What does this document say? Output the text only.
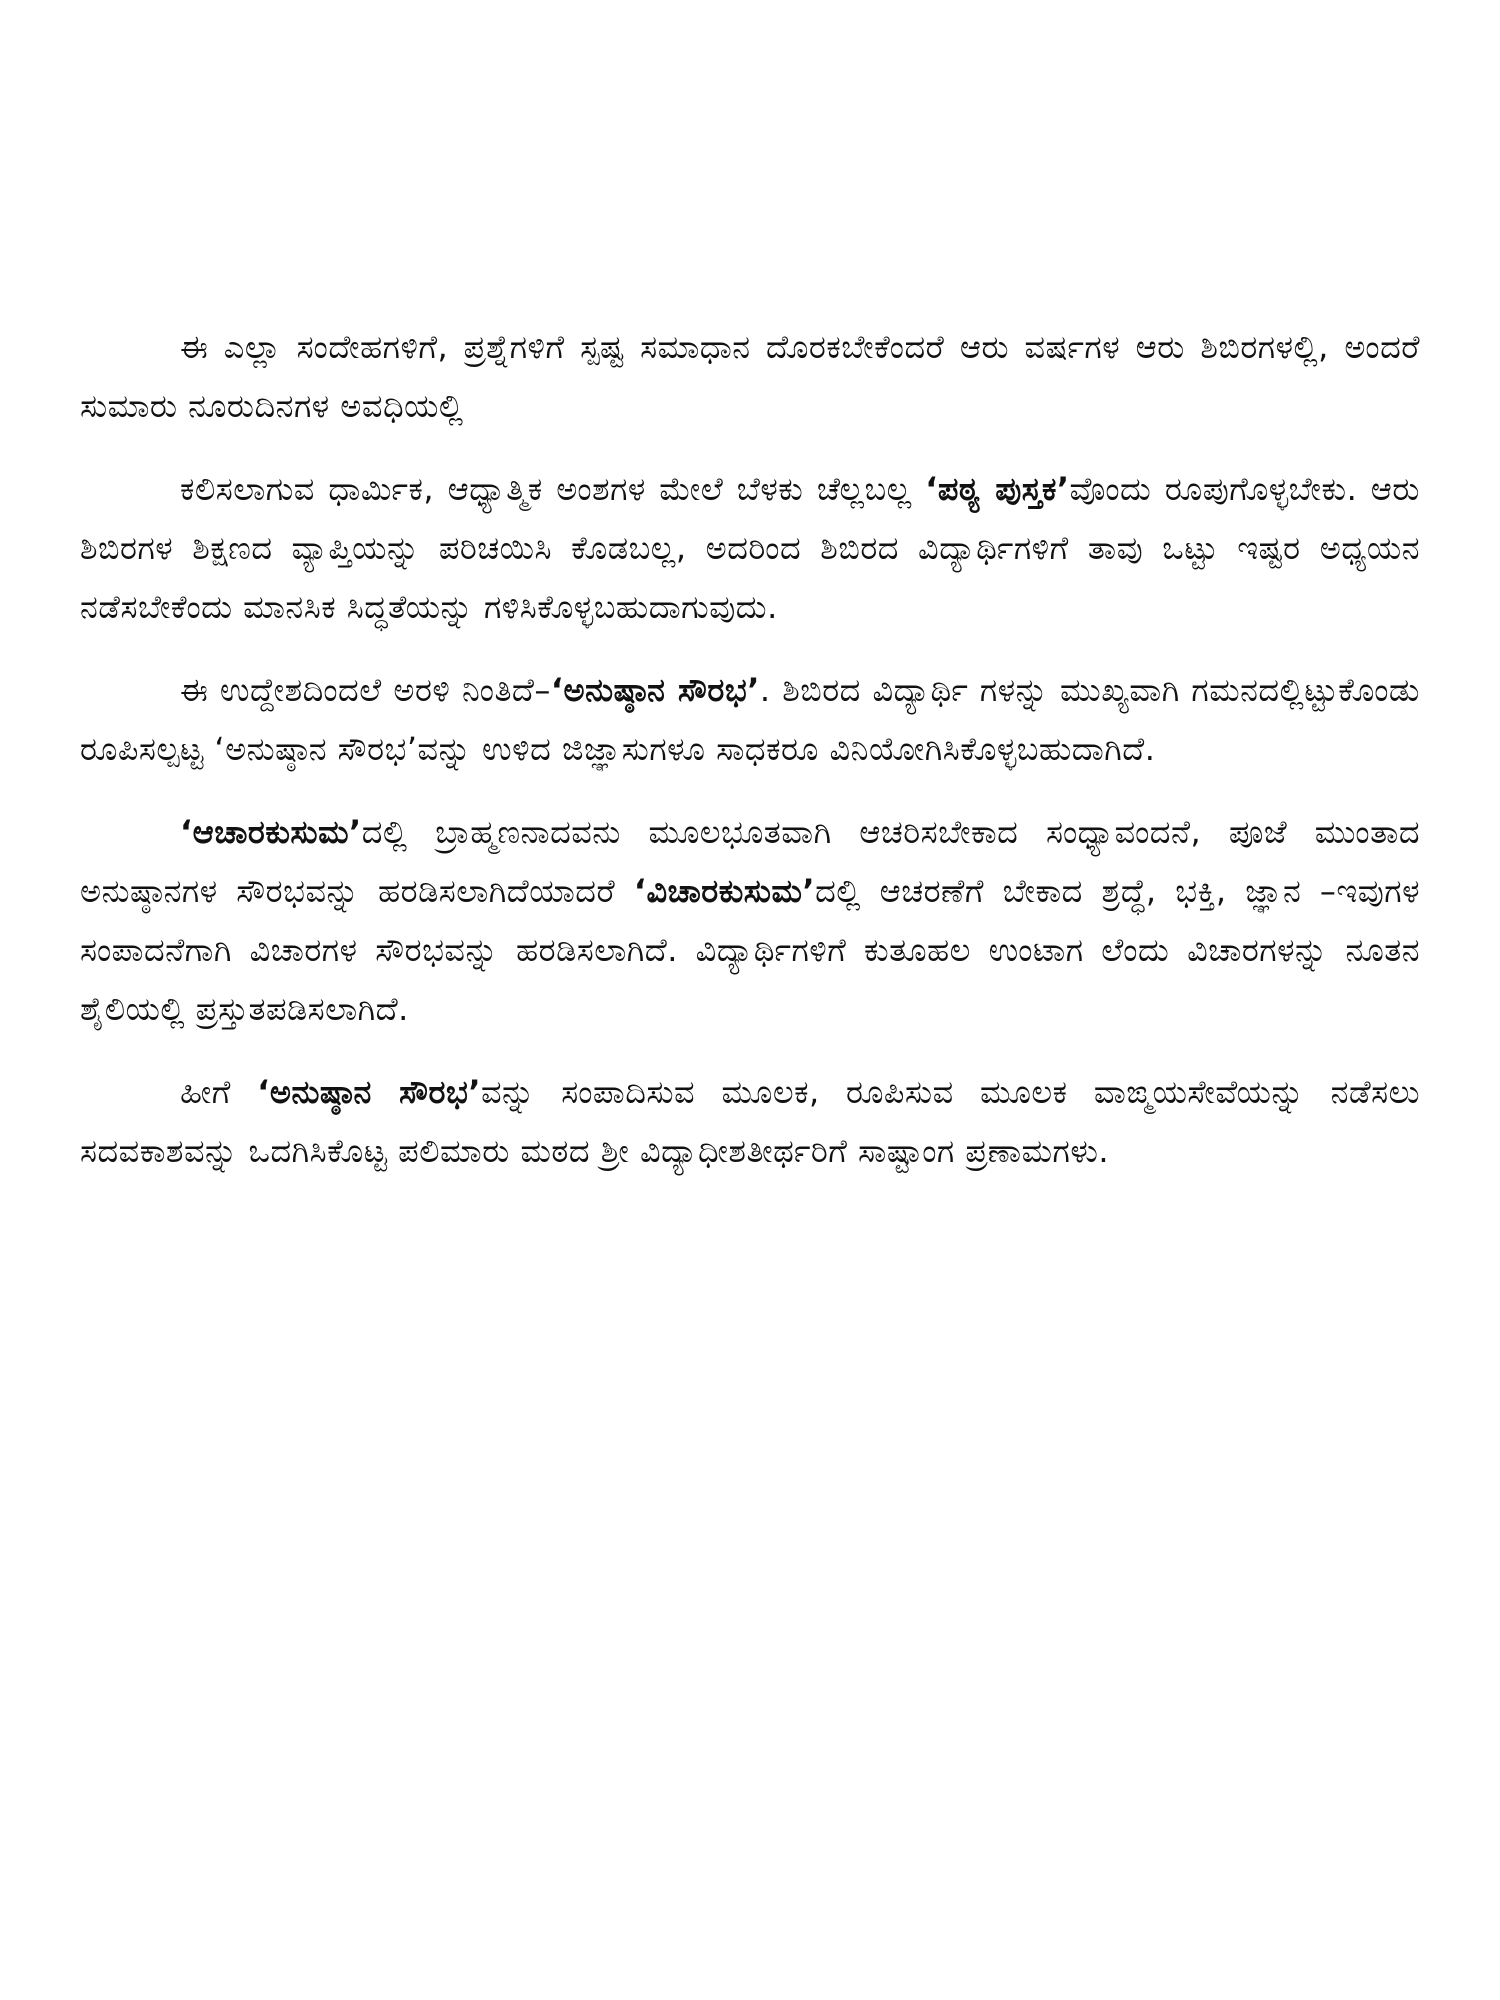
ಈ ಎಲ್ಲಾ ಸಂದೇಹಗಳಿಗೆ, ಪ್ರಶ್ನೆಗಳಿಗೆ ಸ್ಪಷ್ಟ ಸಮಾಧಾನ ದೊರಕಬೇಕೆಂದರೆ ಆರು ವರ್ಷಗಳ ಆರು ಶಿಬಿರಗಳಲ್ಲಿ, ಅಂದರೆ ಸುಮಾರು ನೂರುದಿನಗಳ ಅವಧಿಯಲ್ಲಿ

ಕಲಿಸಲಾಗುವ ಧಾರ್ಮಿಕ, ಆಧ್ಯಾತ್ಮಿಕ ಅಂಶಗಳ ಮೇಲೆ ಬೆಳಕು ಚೆಲ್ಲಬಲ್ಲ ‘ಪಠ್ಯ ಪುಸ್ತಕ’ವೊಂದು ರೂಪುಗೊಳ್ಳಬೇಕು. ಆರು ಶಿಬಿರಗಳ ಶಿಕ್ಷಣದ ವ್ಯಾಪ್ತಿಯನ್ನು ಪರಿಚಯಿಸಿ ಕೊಡಬಲ್ಲ, ಅದರಿಂದ ಶಿಬಿರದ ವಿದ್ಯಾರ್ಥಿಗಳಿಗೆ ತಾವು ಒಟ್ಟು ಇಷ್ಟರ ಅಧ್ಯಯನ ನಡೆಸಬೇಕೆಂದು ಮಾನಸಿಕ ಸಿದ್ಧತೆಯನ್ನು ಗಳಿಸಿಕೊಳ್ಳಬಹುದಾಗುವುದು.

ಈ ಉದ್ದೇಶದಿಂದಲೆ ಅರಳಿ ನಿಂತಿದೆ–‘ಅನುಷ್ಠಾನ ಸೌರಭ’. ಶಿಬಿರದ ವಿದ್ಯಾರ್ಥಿ ಗಳನ್ನು ಮುಖ್ಯವಾಗಿ ಗಮನದಲ್ಲಿಟ್ಟುಕೊಂಡು ರೂಪಿಸಲ್ಪಟ್ಟ ‘ಅನುಷ್ಠಾನ ಸೌರಭ’ವನ್ನು ಉಳಿದ ಜಿಜ್ಞಾಸುಗಳೂ ಸಾಧಕರೂ ವಿನಿಯೋಗಿಸಿಕೊಳ್ಳಬಹುದಾಗಿದೆ.

‘ಆಚಾರಕುಸುಮ’ದಲ್ಲಿ ಬ್ರಾಹ್ಮಣನಾದವನು ಮೂಲಭೂತವಾಗಿ ಆಚರಿಸಬೇಕಾದ ಸಂಧ್ಯಾವಂದನೆ, ಪೂಜೆ ಮುಂತಾದ ಅನುಷ್ಠಾನಗಳ ಸೌರಭವನ್ನು ಹರಡಿಸಲಾಗಿದೆಯಾದರೆ ‘ವಿಚಾರಕುಸುಮ’ದಲ್ಲಿ ಆಚರಣೆಗೆ ಬೇಕಾದ ಶ್ರದ್ಧೆ, ಭಕ್ತಿ, ಜ್ಞಾನ –ಇವುಗಳ ಸಂಪಾದನೆಗಾಗಿ ವಿಚಾರಗಳ ಸೌರಭವನ್ನು ಹರಡಿಸಲಾಗಿದೆ. ವಿದ್ಯಾರ್ಥಿಗಳಿಗೆ ಕುತೂಹಲ ಉಂಟಾಗ ಲೆಂದು ವಿಚಾರಗಳನ್ನು ನೂತನ ಶೈಲಿಯಲ್ಲಿ ಪ್ರಸ್ತುತಪಡಿಸಲಾಗಿದೆ.

ಹೀಗೆ ‘ಅನುಷ್ಠಾನ ಸೌರಭ’ವನ್ನು ಸಂಪಾದಿಸುವ ಮೂಲಕ, ರೂಪಿಸುವ ಮೂಲಕ ವಾಙ್ಮಯಸೇವೆಯನ್ನು ನಡೆಸಲು ಸದವಕಾಶವನ್ನು ಒದಗಿಸಿಕೊಟ್ಟ ಪಲಿಮಾರು ಮಠದ ಶ್ರೀ ವಿದ್ಯಾಧೀಶತೀರ್ಥರಿಗೆ ಸಾಷ್ಟಾಂಗ ಪ್ರಣಾಮಗಳು.
